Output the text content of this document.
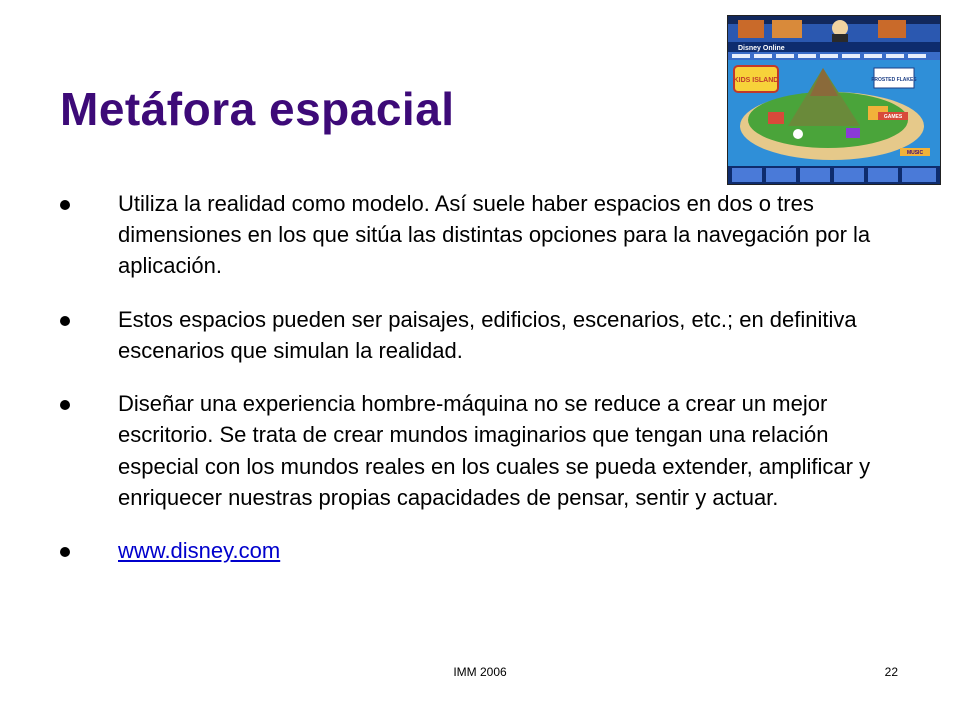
Metáfora espacial
Disney Online
KIDS ISLAND	FROSTED FLAKES
GAMES
MUSIC
Utiliza la realidad como modelo. Así suele haber espacios en dos o tres dimensiones en los que sitúa las distintas opciones para la navegación por la aplicación.
Estos espacios pueden ser paisajes, edificios, escenarios, etc.; en definitiva escenarios que simulan la realidad.
Diseñar una experiencia hombre-máquina no se reduce a crear un mejor escritorio. Se trata de crear mundos imaginarios que tengan una relación especial con los mundos reales en los cuales se pueda extender, amplificar y enriquecer nuestras propias capacidades de pensar, sentir y actuar.
www.disney.com
IMM 2006	22
